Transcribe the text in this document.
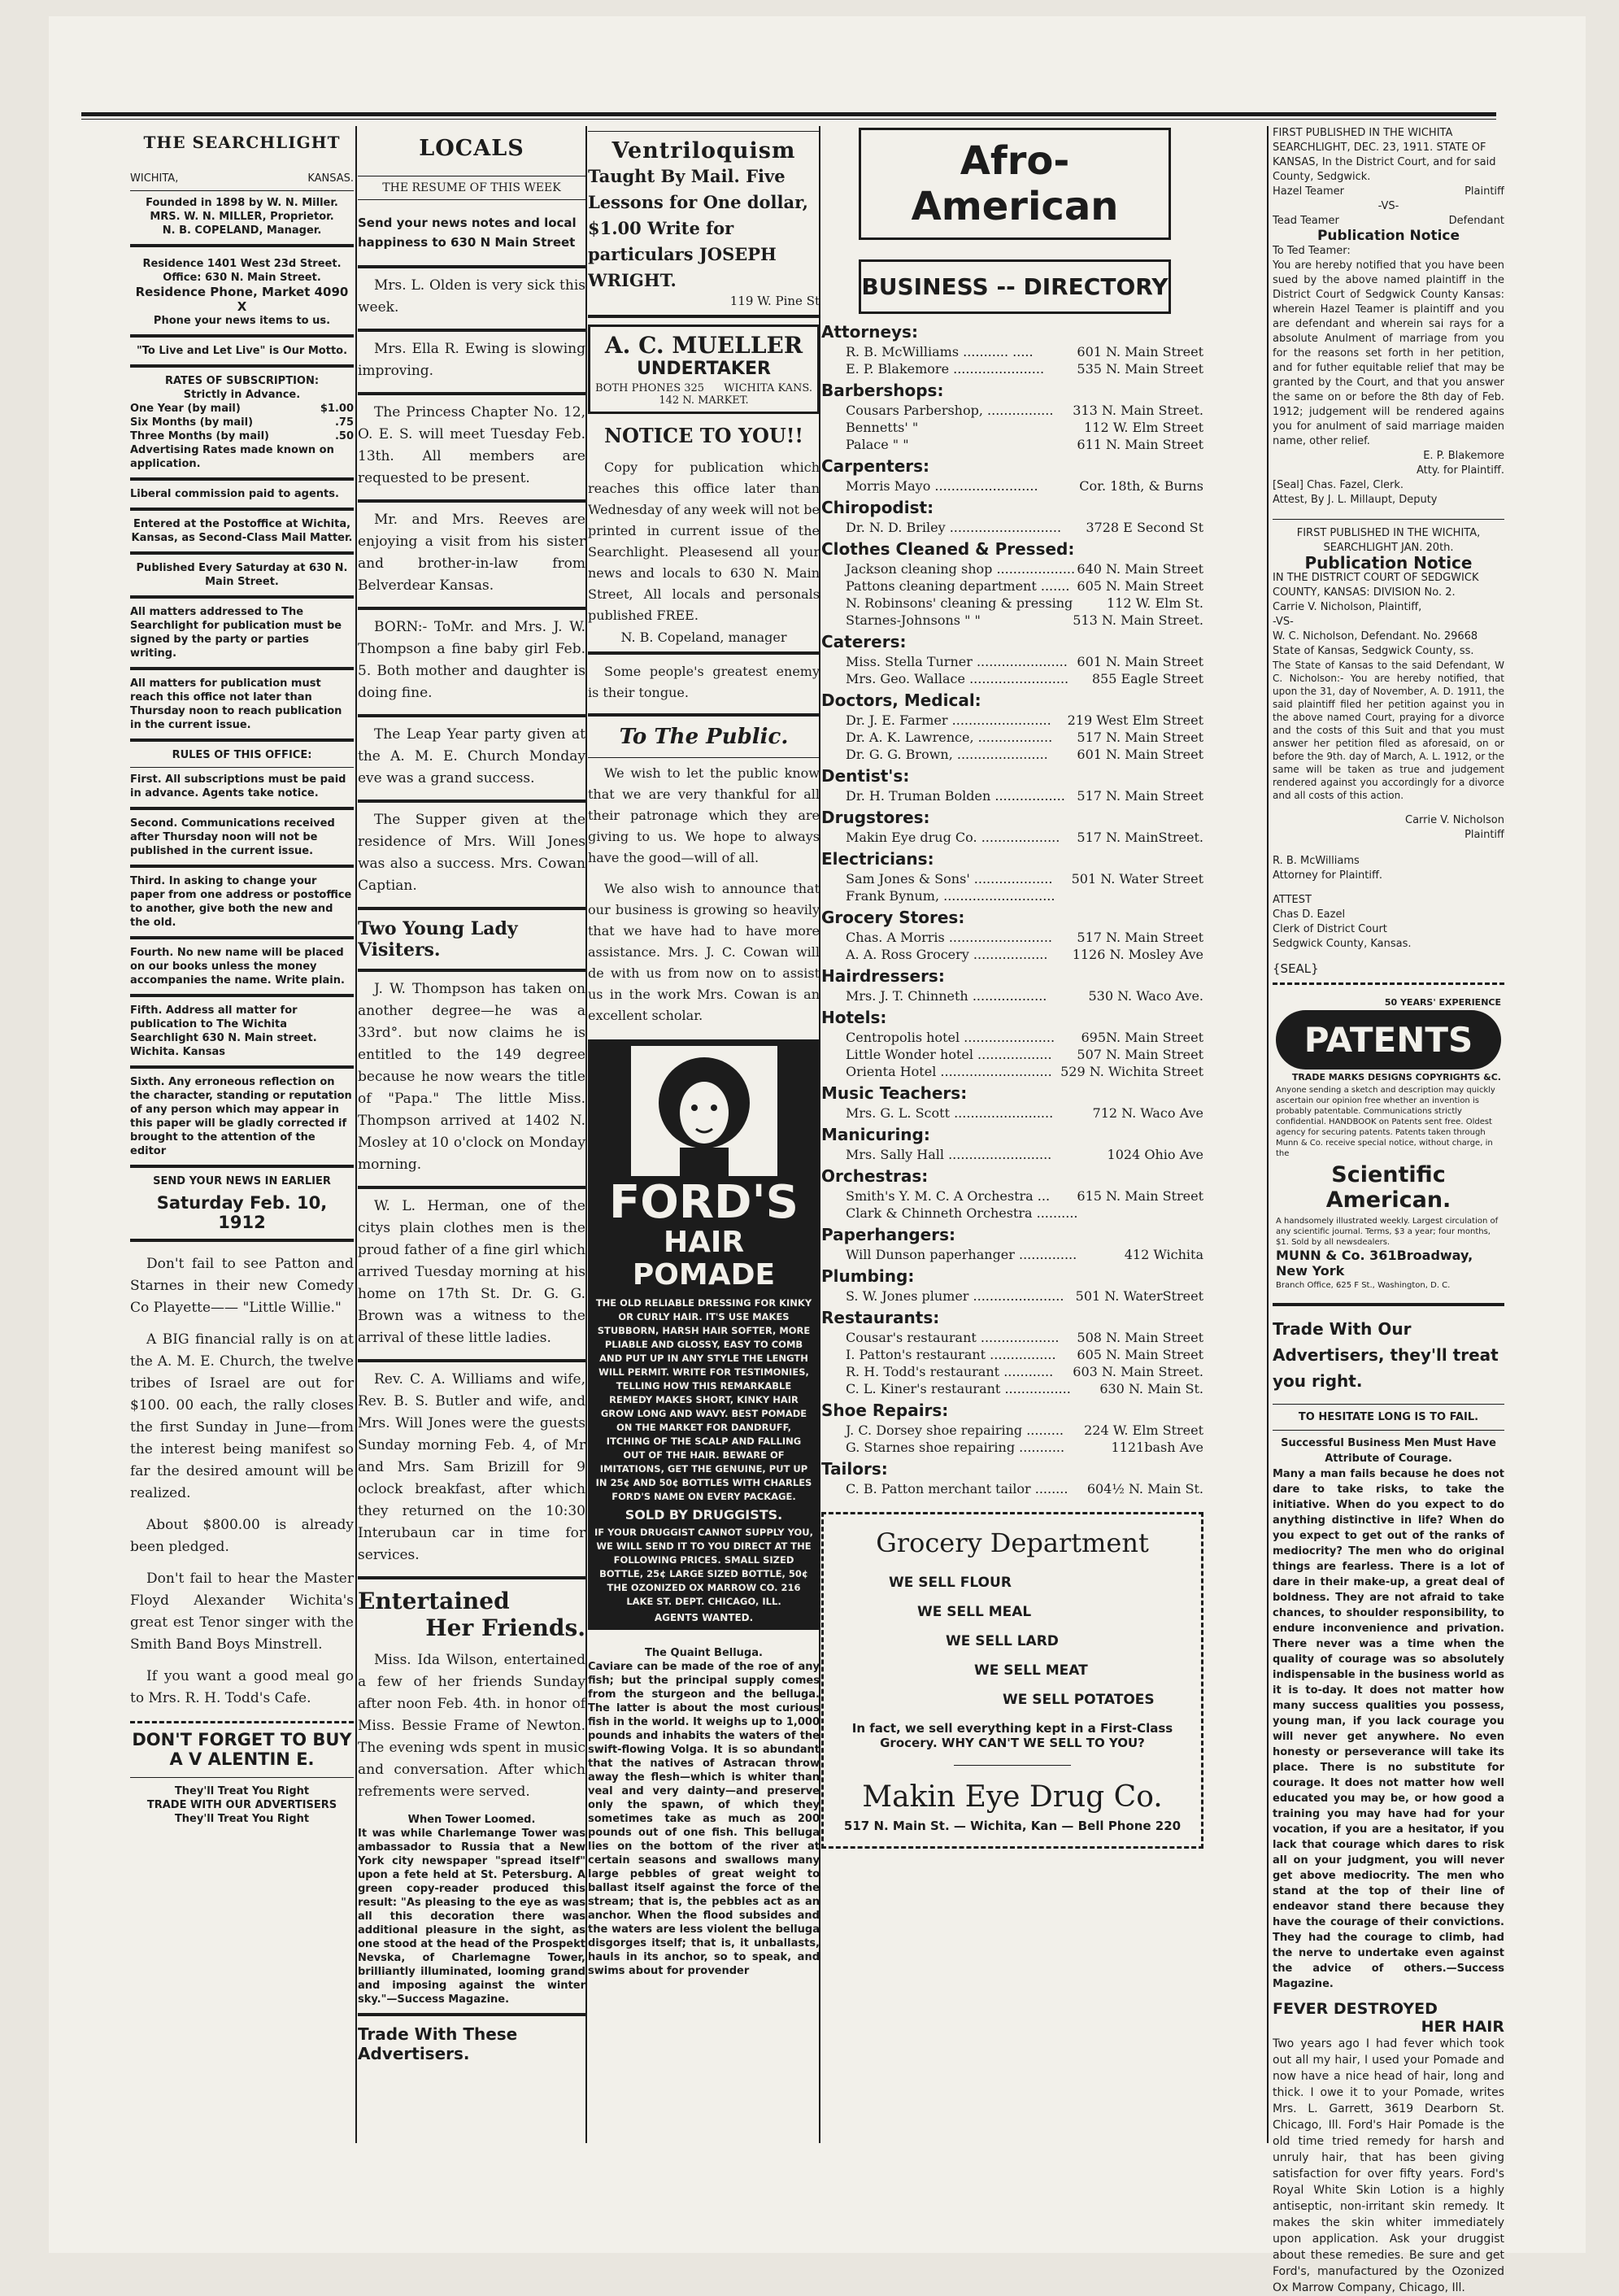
THE SEARCHLIGHT
WICHITA,	KANSAS.
Founded in 1898 by W. N. Miller.
MRS. W. N. MILLER, Proprietor.
N. B. COPELAND, Manager.
Residence 1401 West 23d Street.
Office: 630 N. Main Street.
Residence Phone, Market 4090 X
Phone your news items to us.
"To Live and Let Live" is Our Motto.
RATES OF SUBSCRIPTION:
Strictly in Advance.
One Year (by mail)	$1.00
Six Months (by mail)	.75
Three Months (by mail)	.50
Advertising Rates made known on application.
Liberal commission paid to agents.
Entered at the Postoffice at Wichita, Kansas, as Second-Class Mail Matter.
Published Every Saturday at 630 N. Main Street.
All matters addressed to The Searchlight for publication must be signed by the party or parties writing.
All matters for publication must reach this office not later than Thursday noon to reach publication in the current issue.
RULES OF THIS OFFICE:
First. All subscriptions must be paid in advance. Agents take notice.
Second. Communications received after Thursday noon will not be published in the current issue.
Third. In asking to change your paper from one address or postoffice to another, give both the new and the old.
Fourth. No new name will be placed on our books unless the money accompanies the name. Write plain.
Fifth. Address all matter for publication to The Wichita Searchlight 630 N. Main street. Wichita. Kansas
Sixth. Any erroneous reflection on the character, standing or reputation of any person which may appear in this paper will be gladly corrected if brought to the attention of the editor
SEND YOUR NEWS IN EARLIER
Saturday Feb. 10, 1912

Don't fail to see Patton and Starnes in their new Comedy Co Playette—— "Little Willie."

A BIG financial rally is on at the A. M. E. Church, the twelve tribes of Israel are out for $100. 00 each, the rally closes the first Sunday in June—from the interest being manifest so far the desired amount will be realized.

About $800.00 is already been pledged.

Don't fail to hear the Master Floyd Alexander Wichita's great est Tenor singer with the Smith Band Boys Minstrell.

If you want a good meal go to Mrs. R. H. Todd's Cafe.

DON'T FORGET TO BUY
A V ALENTIN E.
They'll Treat You Right
TRADE WITH OUR ADVERTISERS
They'll Treat You Right
LOCALS
THE RESUME OF THIS WEEK
Send your news notes and local happiness to 630 N Main Street

Mrs. L. Olden is very sick this week.

Mrs. Ella R. Ewing is slowing improving.

The Princess Chapter No. 12, O. E. S. will meet Tuesday Feb. 13th. All members are requested to be present.

Mr. and Mrs. Reeves are enjoying a visit from his sister and brother-in-law from Belverdear Kansas.

BORN:- ToMr. and Mrs. J. W. Thompson a fine baby girl Feb. 5. Both mother and daughter is doing fine.

The Leap Year party given at the A. M. E. Church Monday eve was a grand success.

The Supper given at the residence of Mrs. Will Jones was also a success. Mrs. Cowan Captian.

Two Young Lady Visiters.

J. W. Thompson has taken on another degree—he was a 33rd°. but now claims he is entitled to the 149 degree because he now wears the title of "Papa." The little Miss. Thompson arrived at 1402 N. Mosley at 10 o'clock on Monday morning.

W. L. Herman, one of the citys plain clothes men is the proud father of a fine girl which arrived Tuesday morning at his home on 17th St. Dr. G. G. Brown was a witness to the arrival of these little ladies.

Rev. C. A. Williams and wife, Rev. B. S. Butler and wife, and Mrs. Will Jones were the guests Sunday morning Feb. 4, of Mr and Mrs. Sam Brizill for 9 oclock breakfast, after which they returned on the 10:30 Interubaun car in time for services.

Entertained
Her Friends.

Miss. Ida Wilson, entertained a few of her friends Sunday after noon Feb. 4th. in honor of Miss. Bessie Frame of Newton. The evening wds spent in music and conversation. After which refrements were served.

When Tower Loomed.
It was while Charlemange Tower was ambassador to Russia that a New York city newspaper "spread itself" upon a fete held at St. Petersburg. A green copy-reader produced this result: "As pleasing to the eye as was all this decoration there was additional pleasure in the sight, as one stood at the head of the Prospekt Nevska, of Charlemagne Tower, brilliantly illuminated, looming grand and imposing against the winter sky."—Success Magazine.
Trade With These Advertisers.
Ventriloquism
Taught By Mail. Five Lessons for One dollar, $1.00 Write for particulars JOSEPH WRIGHT.
119 W. Pine St
A. C. MUELLER
UNDERTAKER
BOTH PHONES 325 WICHITA KANS.
142 N. MARKET.
NOTICE TO YOU!!

Copy for publication which reaches this office later than Wednesday of any week will not be printed in current issue of the Searchlight. Pleasesend all your news and locals to 630 N. Main Street, All locals and personals published FREE.

N. B. Copeland, manager

Some people's greatest enemy is their tongue.

To The Public.

We wish to let the public know that we are very thankful for all their patronage which they are giving to us. We hope to always have the good—will of all.

We also wish to announce that our business is growing so heavily that we have had to have more assistance. Mrs. J. C. Cowan will de with us from now on to assist us in the work Mrs. Cowan is an excellent scholar.

FORD'S
HAIR POMADE
THE OLD RELIABLE DRESSING FOR KINKY OR CURLY HAIR. IT'S USE MAKES STUBBORN, HARSH HAIR SOFTER, MORE PLIABLE AND GLOSSY, EASY TO COMB AND PUT UP IN ANY STYLE THE LENGTH WILL PERMIT. WRITE FOR TESTIMONIES, TELLING HOW THIS REMARKABLE REMEDY MAKES SHORT, KINKY HAIR GROW LONG AND WAVY. BEST POMADE ON THE MARKET FOR DANDRUFF, ITCHING OF THE SCALP AND FALLING OUT OF THE HAIR. BEWARE OF IMITATIONS, GET THE GENUINE, PUT UP IN 25¢ AND 50¢ BOTTLES WITH CHARLES FORD'S NAME ON EVERY PACKAGE.
SOLD BY DRUGGISTS.
IF YOUR DRUGGIST CANNOT SUPPLY YOU, WE WILL SEND IT TO YOU DIRECT AT THE FOLLOWING PRICES. SMALL SIZED BOTTLE, 25¢ LARGE SIZED BOTTLE, 50¢ THE OZONIZED OX MARROW CO. 216 LAKE ST. DEPT. CHICAGO, ILL.
AGENTS WANTED.
The Quaint Belluga.
Caviare can be made of the roe of any fish; but the principal supply comes from the sturgeon and the belluga. The latter is about the most curious fish in the world. It weighs up to 1,000 pounds and inhabits the waters of the swift-flowing Volga. It is so abundant that the natives of Astracan throw away the flesh—which is whiter than veal and very dainty—and preserve only the spawn, of which they sometimes take as much as 200 pounds out of one fish. This belluga lies on the bottom of the river at certain seasons and swallows many large pebbles of great weight to ballast itself against the force of the stream; that is, the pebbles act as an anchor. When the flood subsides and the waters are less violent the belluga disgorges itself; that is, it unballasts, hauls in its anchor, so to speak, and swims about for provender
Afro-American
BUSINESS -- DIRECTORY
Attorneys:
R. B. McWilliams ........... .....	601 N. Main Street
E. P. Blakemore ......................	535 N. Main Street
Barbershops:
Cousars Parbershop, ................ 313 N. Main Street.
Bennetts' "	112 W. Elm Street
Palace " "	611 N. Main Street
Carpenters:
Morris Mayo .........................	Cor. 18th, & Burns
Chiropodist:
Dr. N. D. Briley ........................... 3728 E Second St
Clothes Cleaned & Pressed:
Jackson cleaning shop ................... 640 N. Main Street
Pattons cleaning department ....... 605 N. Main Street
N. Robinsons' cleaning & pressing	112 W. Elm St.
Starnes-Johnsons " "	513 N. Main Street.
Caterers:
Miss. Stella Turner ...................... 601 N. Main Street
Mrs. Geo. Wallace ........................ 855 Eagle Street
Doctors, Medical:
Dr. J. E. Farmer ........................ 219 West Elm Street
Dr. A. K. Lawrence, .................. 517 N. Main Street
Dr. G. G. Brown, ...................... 601 N. Main Street
Dentist's:
Dr. H. Truman Bolden ................. 517 N. Main Street
Drugstores:
Makin Eye drug Co. ................... 517 N. MainStreet.
Electricians:
Sam Jones & Sons' ................... 501 N. Water Street
Frank Bynum, ...........................
Grocery Stores:
Chas. A Morris ......................... 517 N. Main Street
A. A. Ross Grocery .................. 1126 N. Mosley Ave
Hairdressers:
Mrs. J. T. Chinneth ..................	530 N. Waco Ave.
Hotels:
Centropolis hotel ...................... 695N. Main Street
Little Wonder hotel .................. 507 N. Main Street
Orienta Hotel ........................... 529 N. Wichita Street
Music Teachers:
Mrs. G. L. Scott ........................	712 N. Waco Ave
Manicuring:
Mrs. Sally Hall .........................	1024 Ohio Ave
Orchestras:
Smith's Y. M. C. A Orchestra ... 615 N. Main Street
Clark & Chinneth Orchestra ..........
Paperhangers:
Will Dunson paperhanger ..............	412 Wichita
Plumbing:
S. W. Jones plumer ...................... 501 N. WaterStreet
Restaurants:
Cousar's restaurant ................... 508 N. Main Street
I. Patton's restaurant ................ 605 N. Main Street
R. H. Todd's restaurant ............ 603 N. Main Street.
C. L. Kiner's restaurant ................ 630 N. Main St.
Shoe Repairs:
J. C. Dorsey shoe repairing ......... 224 W. Elm Street
G. Starnes shoe repairing ...........	1121bash Ave
Tailors:
C. B. Patton merchant tailor ........ 604½ N. Main St.
Grocery Department
WE SELL FLOUR
WE SELL MEAL
WE SELL LARD
WE SELL MEAT
WE SELL POTATOES
In fact, we sell everything kept in a First-Class Grocery. WHY CAN'T WE SELL TO YOU?
Makin Eye Drug Co.
517 N. Main St. — Wichita, Kan — Bell Phone 220
FIRST PUBLISHED IN THE WICHITA SEARCHLIGHT, DEC. 23, 1911. STATE OF KANSAS, In the District Court, and for said County, Sedgwick.
Hazel Teamer	Plaintiff
-VS-
Tead Teamer	Defendant
Publication Notice
To Ted Teamer:
You are hereby notified that you have been sued by the above named plaintiff in the District Court of Sedgwick County Kansas: wherein Hazel Teamer is plaintiff and you are defendant and wherein sai rays for a absolute Anulment of marriage from you for the reasons set forth in her petition, and for futher equitable relief that may be granted by the Court, and that you answer the same on or before the 8th day of Feb. 1912; judgement will be rendered agains you for anulment of said marriage maiden name, other relief.
E. P. Blakemore
Atty. for Plaintiff.
[Seal] Chas. Fazel, Clerk.
Attest, By J. L. Millaupt, Deputy
FIRST PUBLISHED IN THE WICHITA, SEARCHLIGHT JAN. 20th.
Publication Notice
IN THE DISTRICT COURT OF SEDGWICK COUNTY, KANSAS: DIVISION No. 2.
Carrie V. Nicholson, Plaintiff,
-VS-
W. C. Nicholson, Defendant. No. 29668
State of Kansas, Sedgwick County, ss.
The State of Kansas to the said Defendant, W C. Nicholson:- You are hereby notified, that upon the 31, day of November, A. D. 1911, the said plaintiff filed her petition against you in the above named Court, praying for a divorce and the costs of this Suit and that you must answer her petition filed as aforesaid, on or before the 9th. day of March, A. L. 1912, or the same will be taken as true and judgement rendered against you accordingly for a divorce and all costs of this action.
Carrie V. Nicholson
Plaintiff
R. B. McWilliams
Attorney for Plaintiff.
ATTEST
Chas D. Eazel
Clerk of District Court
Sedgwick County, Kansas.
{SEAL}
50 YEARS' EXPERIENCE
PATENTS
TRADE MARKS DESIGNS COPYRIGHTS &C.
Anyone sending a sketch and description may quickly ascertain our opinion free whether an invention is probably patentable. Communications strictly confidential. HANDBOOK on Patents sent free. Oldest agency for securing patents. Patents taken through Munn & Co. receive special notice, without charge, in the
Scientific American.
A handsomely illustrated weekly. Largest circulation of any scientific journal. Terms, $3 a year; four months, $1. Sold by all newsdealers.
MUNN & Co. 361Broadway, New York
Branch Office, 625 F St., Washington, D. C.
Trade With Our Advertisers, they'll treat you right.
TO HESITATE LONG IS TO FAIL.
Successful Business Men Must Have Attribute of Courage.
Many a man fails because he does not dare to take risks, to take the initiative. When do you expect to do anything distinctive in life? When do you expect to get out of the ranks of mediocrity? The men who do original things are fearless. There is a lot of dare in their make-up, a great deal of boldness. They are not afraid to take chances, to shoulder responsibility, to endure inconvenience and privation. There never was a time when the quality of courage was so absolutely indispensable in the business world as it is to-day. It does not matter how many success qualities you possess, young man, if you lack courage you will never get anywhere. No even honesty or perseverance will take its place. There is no substitute for courage. It does not matter how well educated you may be, or how good a training you may have had for your vocation, if you are a hesitator, if you lack that courage which dares to risk all on your judgment, you will never get above mediocrity. The men who stand at the top of their line of endeavor stand there because they have the courage of their convictions. They had the courage to climb, had the nerve to undertake even against the advice of others.—Success Magazine.
FEVER DESTROYED
HER HAIR
Two years ago I had fever which took out all my hair, I used your Pomade and now have a nice head of hair, long and thick. I owe it to your Pomade, writes Mrs. L. Garrett, 3619 Dearborn St. Chicago, Ill. Ford's Hair Pomade is the old time tried remedy for harsh and unruly hair, that has been giving satisfaction for over fifty years. Ford's Royal White Skin Lotion is a highly antiseptic, non-irritant skin remedy. It makes the skin whiter immediately upon application. Ask your druggist about these remedies. Be sure and get Ford's, manufactured by the Ozonized Ox Marrow Company, Chicago, Ill.
